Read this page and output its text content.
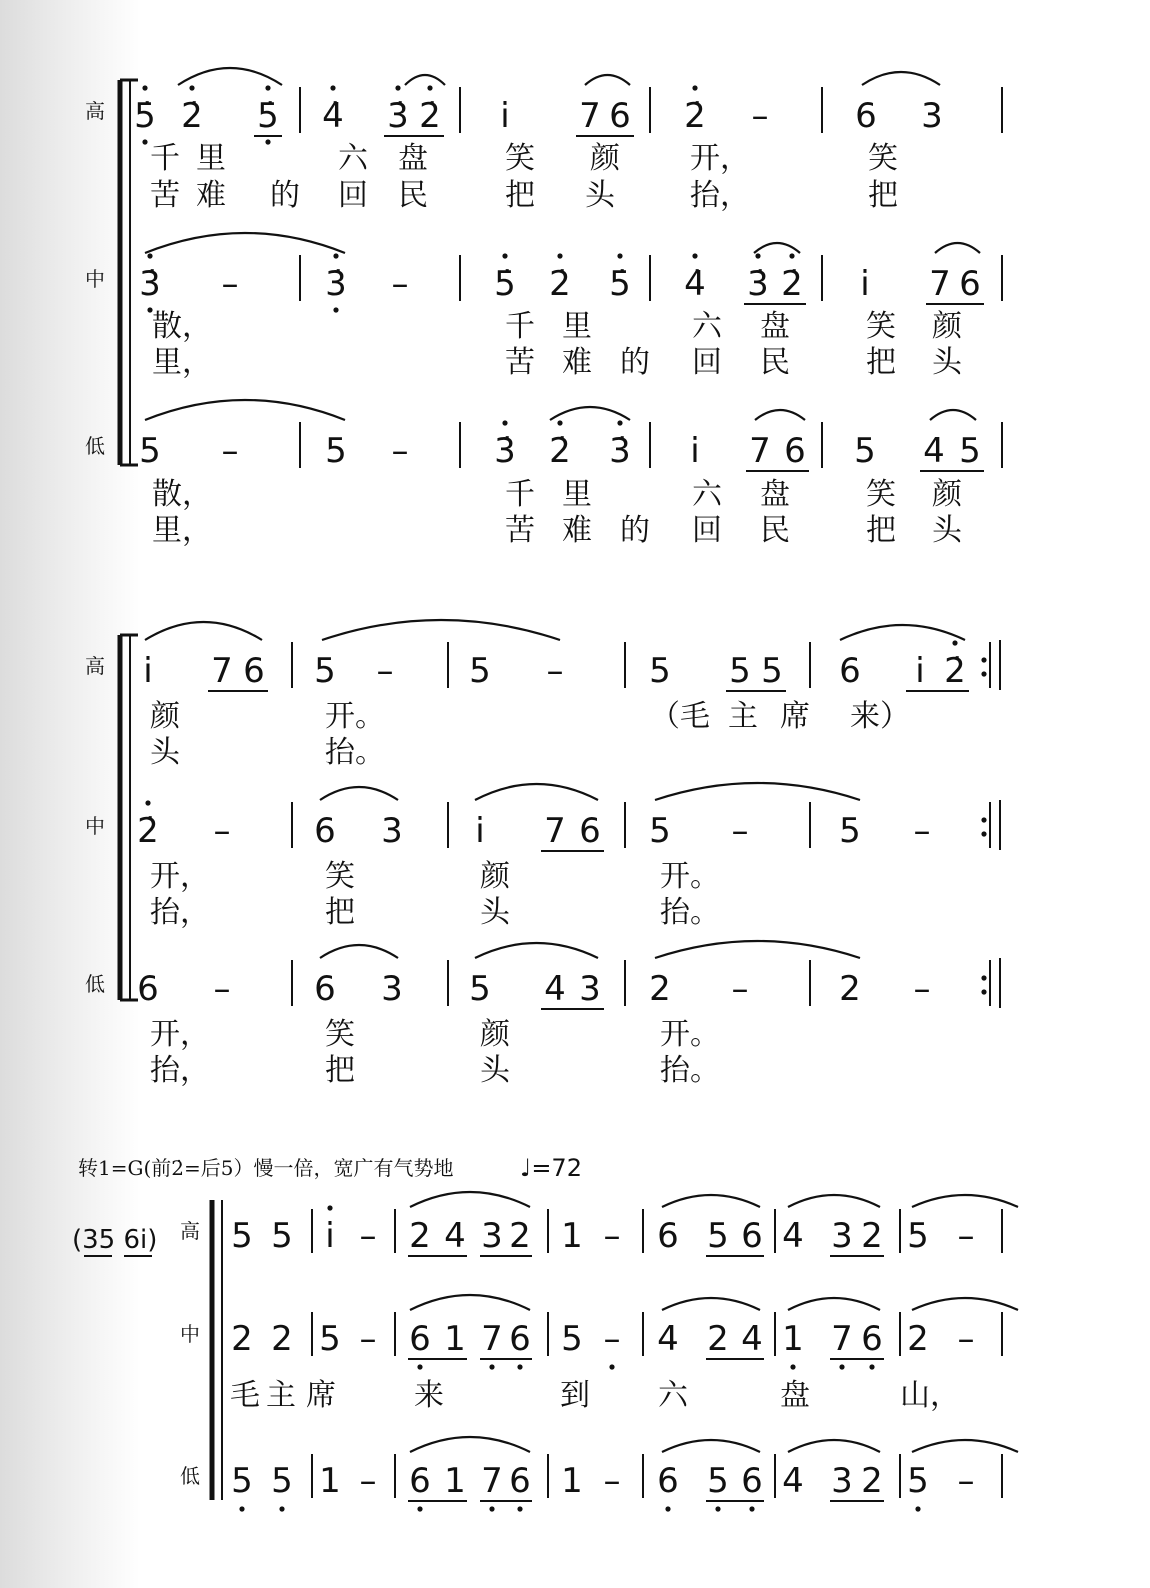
高 5̇ 2̇ 5̇ 4̇ 3̇ 2̇ i 7 6 2̇ –	6 3
千 里	六 盘	笑 颜 开，	笑
苦 难 的 回 民	把 头	抬，	把
中 3̇ –	3̇ –	5̇ 2̇ 5̇ 4̇ 3̇ 2̇ i 7 6
散，	千 里	六 盘	笑 颜
里，	苦 难 的 回 民	把 头
低 5 –	5 –	3̇ 2̇ 3̇ i 7 6 5 4 5
散，	千 里	六 盘	笑 颜
里，	苦 难 的 回 民	把 头
高 i 7 6 5 – 5 –	5 5 5 6 i 2̇
颜	开。	（毛 主 席 来）
头	抬。
中 2̇ – 6 3 i 7 6 5 –	5 –
开，	笑	颜	开。
抬，	把	头	抬。
低 6 – 6 3 5 4 3 2 –	2 –
开，	笑	颜	开。
抬，	把	头	抬。
转1=G(前2̇=后5）慢一倍，宽广有气势地	♩=72
(35 6i) 高 5 5 i – 2 4 3 2 1 – 6 5 6 4 3 2 5 –
中 2 2 5 – 6 1 7 6 5 – 4 2 4 1 7 6 2 –
低 5 5 1 – 6 1 7 6 1 – 6 5 6 4 3 2 5 –
毛 主 席	来	到 六	盘	山，
